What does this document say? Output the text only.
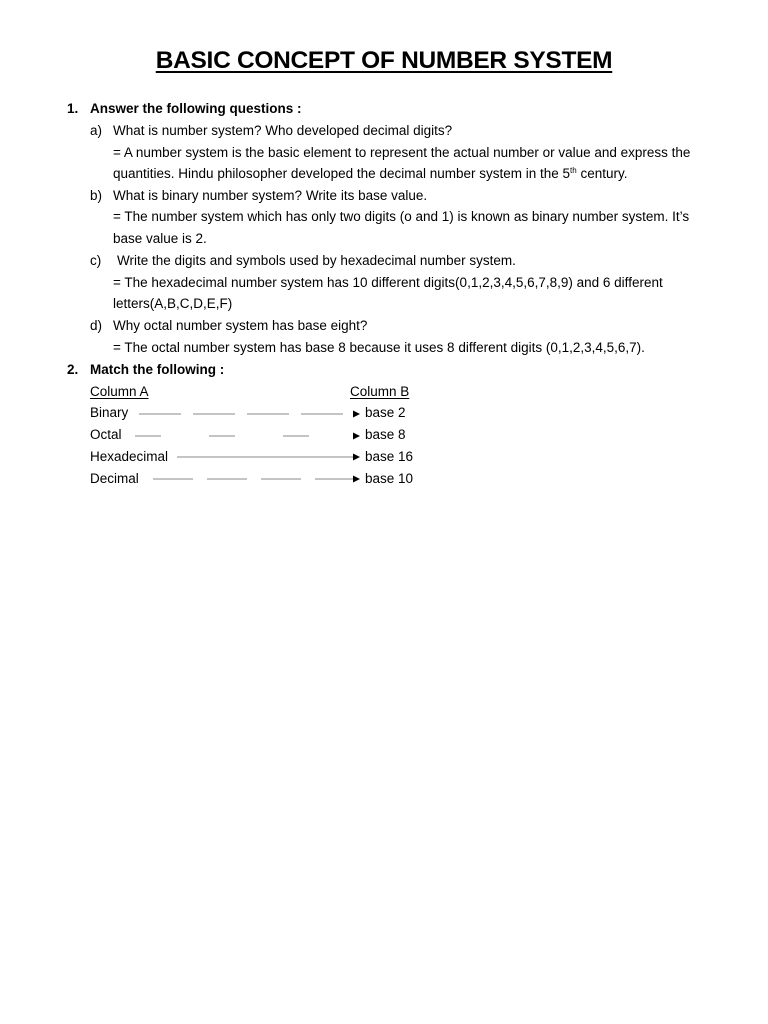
BASIC CONCEPT OF NUMBER SYSTEM
1. Answer the following questions :
a) What is number system? Who developed decimal digits?
= A number system is the basic element to represent the actual number or value and express the
quantities. Hindu philosopher developed the decimal number system in the 5th century.
b) What is binary number system? Write its base value.
= The number system which has only two digits (o and 1) is known as binary number system. It’s
base value is 2.
c) Write the digits and symbols used by hexadecimal number system.
= The hexadecimal number system has 10 different digits(0,1,2,3,4,5,6,7,8,9) and 6 different
letters(A,B,C,D,E,F)
d) Why octal number system has base eight?
= The octal number system has base 8 because it uses 8 different digits (0,1,2,3,4,5,6,7).
2. Match the following :
Column A	Column B
Binary	base 2
Octal	base 8
Hexadecimal	base 16
Decimal	base 10
